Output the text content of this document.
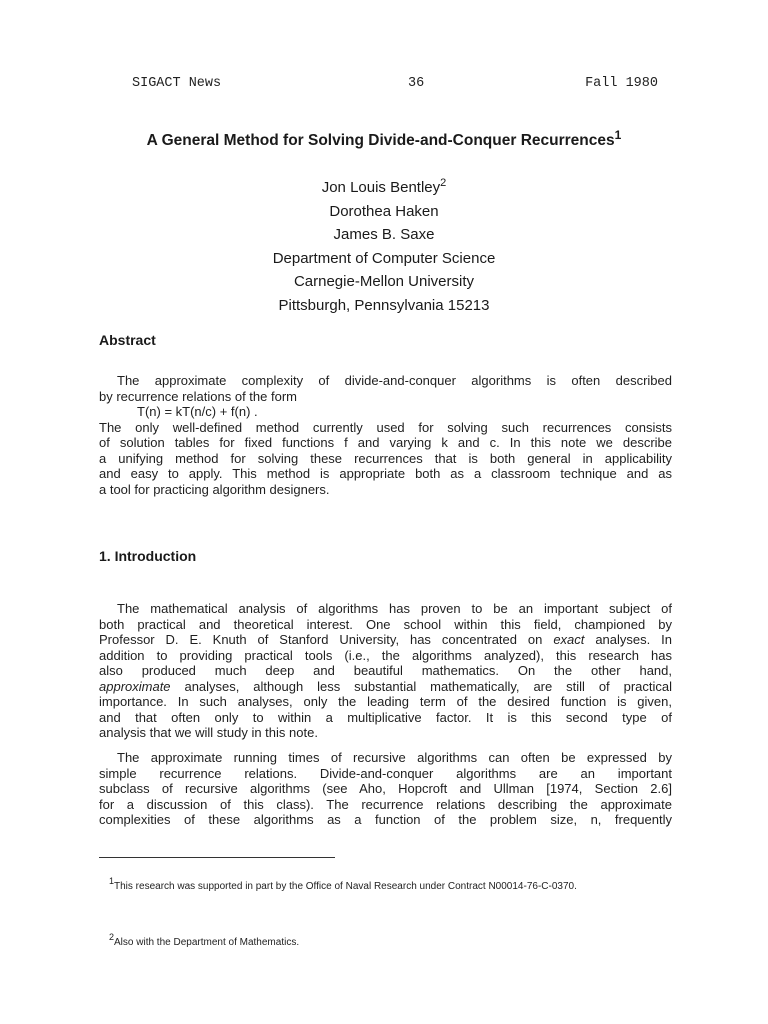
SIGACT News	36	Fall 1980
A General Method for Solving Divide-and-Conquer Recurrences$^1$
Jon Louis Bentley$^2$
Dorothea Haken
James B. Saxe
Department of Computer Science
Carnegie-Mellon University
Pittsburgh, Pennsylvania 15213
Abstract
The approximate complexity of divide-and-conquer algorithms is often described
by recurrence relations of the form
T(n) = kT(n/c) + f(n) .
The only well-defined method currently used for solving such recurrences consists
of solution tables for fixed functions f and varying k and c. In this note we describe
a unifying method for solving these recurrences that is both general in applicability
and easy to apply. This method is appropriate both as a classroom technique and as
a tool for practicing algorithm designers.
1. Introduction
The mathematical analysis of algorithms has proven to be an important subject of
both practical and theoretical interest. One school within this field, championed by
Professor D. E. Knuth of Stanford University, has concentrated on exact analyses. In
addition to providing practical tools (i.e., the algorithms analyzed), this research has
also produced much deep and beautiful mathematics. On the other hand,
approximate analyses, although less substantial mathematically, are still of practical
importance. In such analyses, only the leading term of the desired function is given,
and that often only to within a multiplicative factor. It is this second type of
analysis that we will study in this note.
The approximate running times of recursive algorithms can often be expressed by
simple recurrence relations. Divide-and-conquer algorithms are an important
subclass of recursive algorithms (see Aho, Hopcroft and Ullman [1974, Section 2.6]
for a discussion of this class). The recurrence relations describing the approximate
complexities of these algorithms as a function of the problem size, n, frequently
$^1$This research was supported in part by the Office of Naval Research under Contract N00014-76-C-0370.
$^2$Also with the Department of Mathematics.
